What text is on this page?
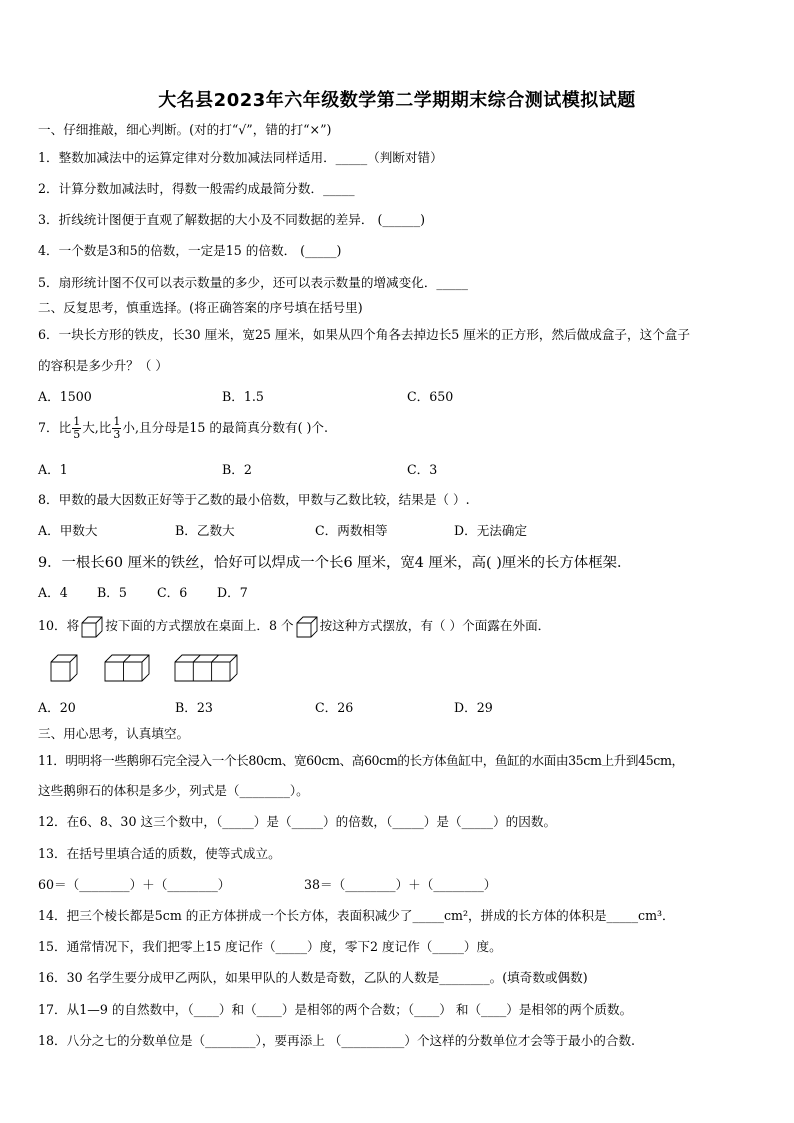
大名县2023年六年级数学第二学期期末综合测试模拟试题
一、仔细推敲，细心判断。(对的打“√”，错的打“×”)
1．整数加减法中的运算定律对分数加减法同样适用．_____（判断对错）
2．计算分数加减法时，得数一般需约成最简分数．_____
3．折线统计图便于直观了解数据的大小及不同数据的差异． (______)
4．一个数是3和5的倍数，一定是15 的倍数． (_____)
5．扇形统计图不仅可以表示数量的多少，还可以表示数量的增减变化．_____
二、反复思考，慎重选择。(将正确答案的序号填在括号里)
6．一块长方形的铁皮，长30 厘米，宽25 厘米，如果从四个角各去掉边长5 厘米的正方形，然后做成盒子，这个盒子
的容积是多少升？（ ）
A．1500	B．1.5	C．650
7．比 $\frac{1}{5}$ 大,比 $\frac{1}{3}$ 小,且分母是15 的最简真分数有( )个.
A．1	B．2	C．3
8．甲数的最大因数正好等于乙数的最小倍数，甲数与乙数比较，结果是（ ）.
A．甲数大	B．乙数大	C．两数相等	D．无法确定
9．一根长60 厘米的铁丝，恰好可以焊成一个长6 厘米，宽4 厘米，高( )厘米的长方体框架．
A．4 B．5 C．6 D．7
10．将 按下面的方式摆放在桌面上．8 个 按这种方式摆放，有（ ）个面露在外面．
A．20	B．23	C．26	D．29
三、用心思考，认真填空。
11．明明将一些鹅卵石完全浸入一个长80cm、宽60cm、高60cm的长方体鱼缸中，鱼缸的水面由35cm上升到45cm，
这些鹅卵石的体积是多少，列式是（________）。
12．在6、8、30 这三个数中，（_____）是（_____）的倍数，（_____）是（_____）的因数。
13．在括号里填合适的质数，使等式成立。
60＝（________）＋（________）	38＝（________）＋（________）
14．把三个棱长都是5cm 的正方体拼成一个长方体，表面积减少了_____cm²，拼成的长方体的体积是_____cm³．
15．通常情况下，我们把零上15 度记作（_____）度，零下2 度记作（_____）度。
16．30 名学生要分成甲乙两队，如果甲队的人数是奇数，乙队的人数是________。(填奇数或偶数)
17．从1—9 的自然数中，（____）和（____）是相邻的两个合数；（____） 和（____）是相邻的两个质数。
18．八分之七的分数单位是（________），要再添上 （__________）个这样的分数单位才会等于最小的合数.
